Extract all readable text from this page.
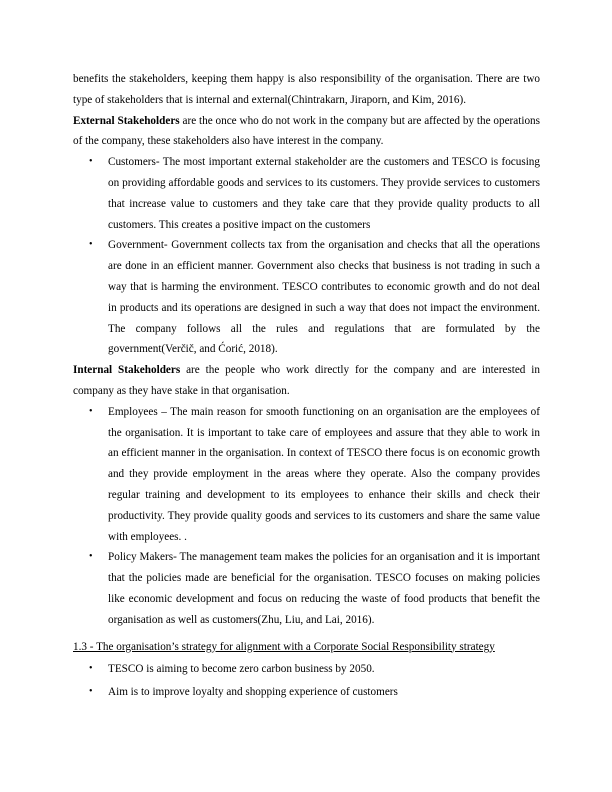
benefits the stakeholders, keeping them happy is also responsibility of the organisation. There are two type of stakeholders that is internal and external(Chintrakarn, Jiraporn, and Kim, 2016).

External Stakeholders are the once who do not work in the company but are affected by the operations of the company, these stakeholders also have interest in the company.

• Customers- The most important external stakeholder are the customers and TESCO is focusing on providing affordable goods and services to its customers. They provide services to customers that increase value to customers and they take care that they provide quality products to all customers. This creates a positive impact on the customers
• Government- Government collects tax from the organisation and checks that all the operations are done in an efficient manner. Government also checks that business is not trading in such a way that is harming the environment. TESCO contributes to economic growth and do not deal in products and its operations are designed in such a way that does not impact the environment. The company follows all the rules and regulations that are formulated by the government(Verčič, and Ćorić, 2018).

Internal Stakeholders are the people who work directly for the company and are interested in company as they have stake in that organisation.

• Employees – The main reason for smooth functioning on an organisation are the employees of the organisation. It is important to take care of employees and assure that they able to work in an efficient manner in the organisation. In context of TESCO there focus is on economic growth and they provide employment in the areas where they operate. Also the company provides regular training and development to its employees to enhance their skills and check their productivity. They provide quality goods and services to its customers and share the same value with employees. .
• Policy Makers- The management team makes the policies for an organisation and it is important that the policies made are beneficial for the organisation. TESCO focuses on making policies like economic development and focus on reducing the waste of food products that benefit the organisation as well as customers(Zhu, Liu, and Lai, 2016).

1.3 - The organisation’s strategy for alignment with a Corporate Social Responsibility strategy

• TESCO is aiming to become zero carbon business by 2050.
• Aim is to improve loyalty and shopping experience of customers
